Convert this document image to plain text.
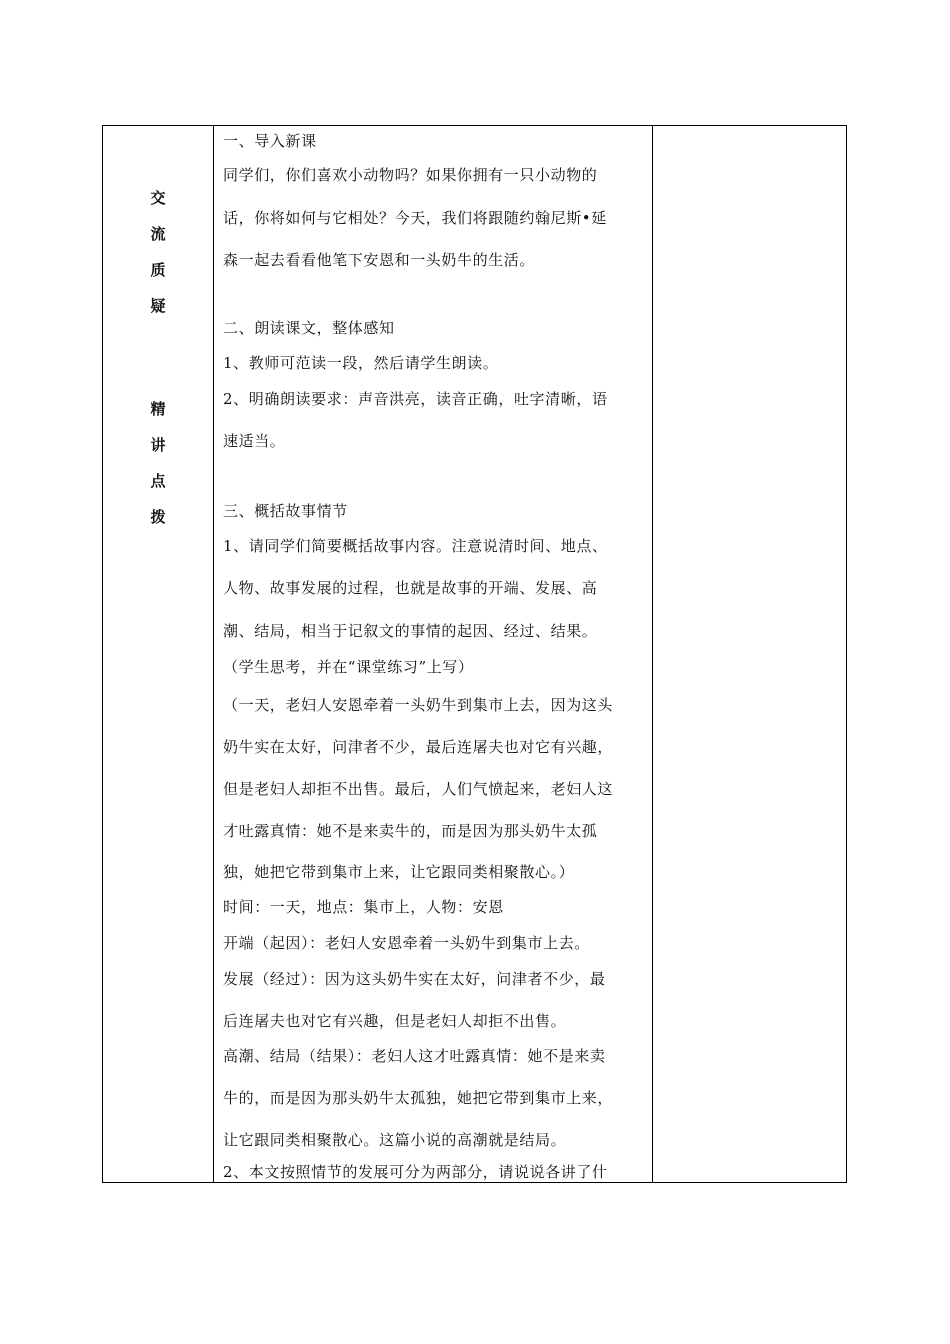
交
流
质
疑
精
讲
点
拨
一、导入新课
同学们，你们喜欢小动物吗？如果你拥有一只小动物的
话，你将如何与它相处？今天，我们将跟随约翰尼斯•延
森一起去看看他笔下安恩和一头奶牛的生活。
二、朗读课文，整体感知
1、教师可范读一段，然后请学生朗读。
2、明确朗读要求：声音洪亮，读音正确，吐字清晰，语
速适当。
三、概括故事情节
1、请同学们简要概括故事内容。注意说清时间、地点、
人物、故事发展的过程，也就是故事的开端、发展、高
潮、结局，相当于记叙文的事情的起因、经过、结果。
（学生思考，并在“课堂练习”上写）
（一天，老妇人安恩牵着一头奶牛到集市上去，因为这头
奶牛实在太好，问津者不少，最后连屠夫也对它有兴趣，
但是老妇人却拒不出售。最后，人们气愤起来，老妇人这
才吐露真情：她不是来卖牛的，而是因为那头奶牛太孤
独，她把它带到集市上来，让它跟同类相聚散心。）
时间：一天，地点：集市上，人物：安恩
开端（起因）：老妇人安恩牵着一头奶牛到集市上去。
发展（经过）：因为这头奶牛实在太好，问津者不少，最
后连屠夫也对它有兴趣，但是老妇人却拒不出售。
高潮、结局（结果）：老妇人这才吐露真情：她不是来卖
牛的，而是因为那头奶牛太孤独，她把它带到集市上来，
让它跟同类相聚散心。这篇小说的高潮就是结局。
2、本文按照情节的发展可分为两部分，请说说各讲了什
